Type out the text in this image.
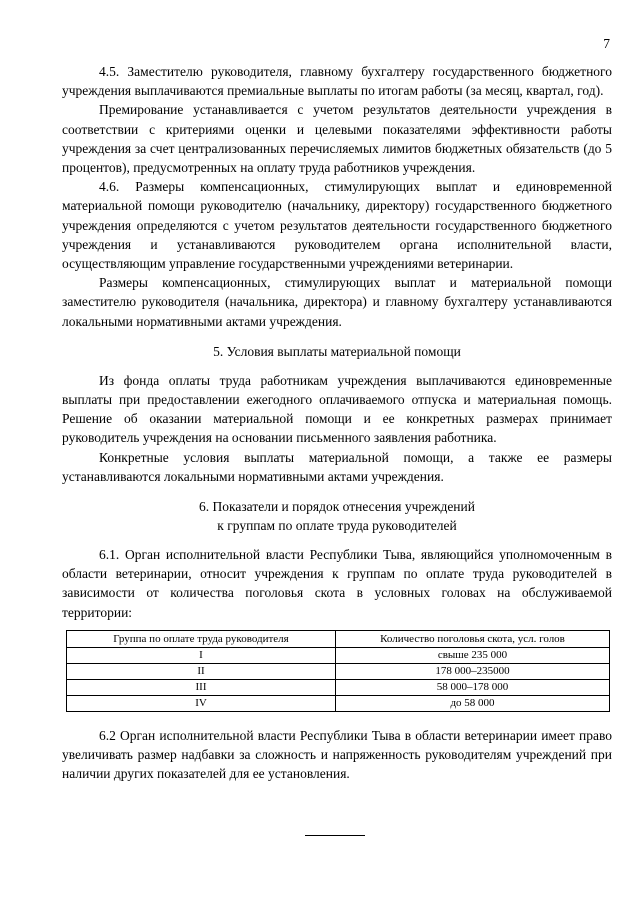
7

4.5. Заместителю руководителя, главному бухгалтеру государственного бюджетного учреждения выплачиваются премиальные выплаты по итогам работы (за месяц, квартал, год).

Премирование устанавливается с учетом результатов деятельности учреждения в соответствии с критериями оценки и целевыми показателями эффективности работы учреждения за счет централизованных перечисляемых лимитов бюджетных обязательств (до 5 процентов), предусмотренных на оплату труда работников учреждения.

4.6. Размеры компенсационных, стимулирующих выплат и единовременной материальной помощи руководителю (начальнику, директору) государственного бюджетного учреждения определяются с учетом результатов деятельности государственного бюджетного учреждения и устанавливаются руководителем органа исполнительной власти, осуществляющим управление государственными учреждениями ветеринарии.

Размеры компенсационных, стимулирующих выплат и материальной помощи заместителю руководителя (начальника, директора) и главному бухгалтеру устанавливаются локальными нормативными актами учреждения.

5. Условия выплаты материальной помощи

Из фонда оплаты труда работникам учреждения выплачиваются единовременные выплаты при предоставлении ежегодного оплачиваемого отпуска и материальная помощь. Решение об оказании материальной помощи и ее конкретных размерах принимает руководитель учреждения на основании письменного заявления работника.

Конкретные условия выплаты материальной помощи, а также ее размеры устанавливаются локальными нормативными актами учреждения.

6. Показатели и порядок отнесения учреждений
к группам по оплате труда руководителей

6.1. Орган исполнительной власти Республики Тыва, являющийся уполномоченным в области ветеринарии, относит учреждения к группам по оплате труда руководителей в зависимости от количества поголовья скота в условных головах на обслуживаемой территории:

Группа по оплате труда руководителя	Количество поголовья скота, усл. голов
I	свыше 235 000
II	178 000–235000
III	58 000–178 000
IV	до 58 000

6.2 Орган исполнительной власти Республики Тыва в области ветеринарии имеет право увеличивать размер надбавки за сложность и напряженность руководителям учреждений при наличии других показателей для ее установления.
